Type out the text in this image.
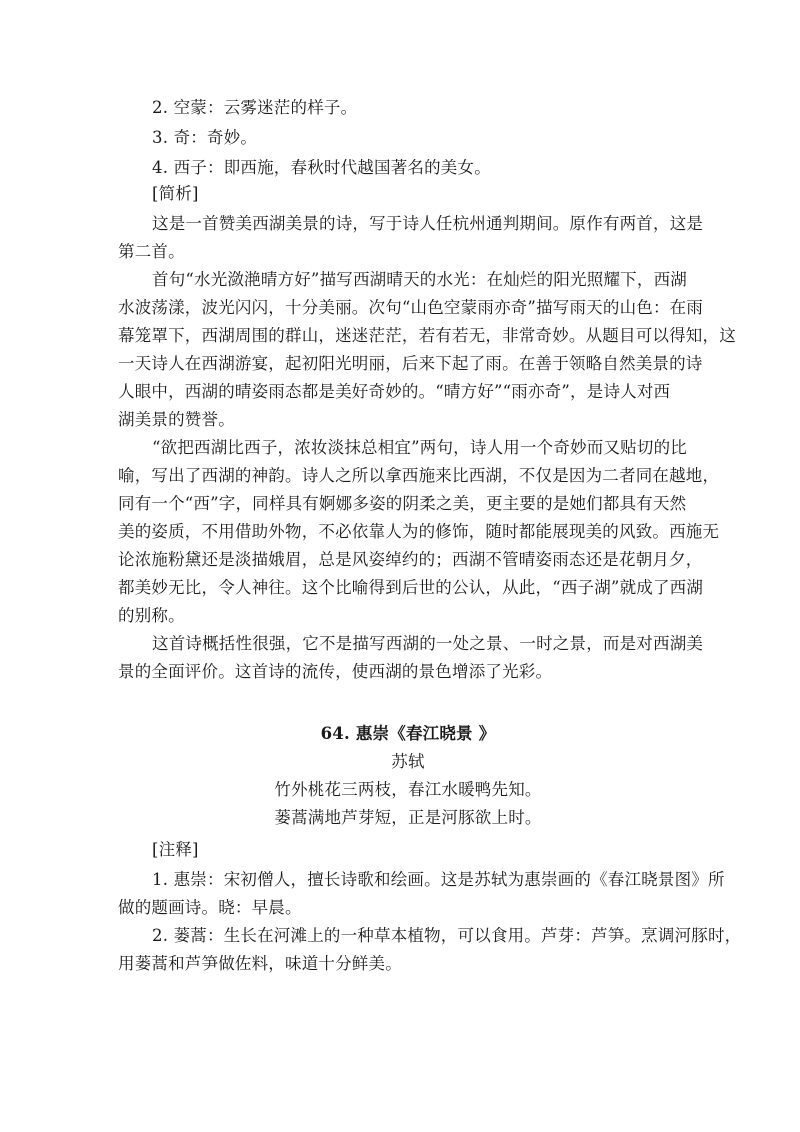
2. 空蒙：云雾迷茫的样子。
3. 奇：奇妙。
4. 西子：即西施，春秋时代越国著名的美女。
[简析]
这是一首赞美西湖美景的诗，写于诗人任杭州通判期间。原作有两首，这是
第二首。
首句“水光潋滟晴方好”描写西湖晴天的水光：在灿烂的阳光照耀下，西湖
水波荡漾，波光闪闪，十分美丽。次句“山色空蒙雨亦奇”描写雨天的山色：在雨
幕笼罩下，西湖周围的群山，迷迷茫茫，若有若无，非常奇妙。从题目可以得知，这
一天诗人在西湖游宴，起初阳光明丽，后来下起了雨。在善于领略自然美景的诗
人眼中，西湖的晴姿雨态都是美好奇妙的。“晴方好”“雨亦奇”，是诗人对西
湖美景的赞誉。
“欲把西湖比西子，浓妆淡抹总相宜”两句，诗人用一个奇妙而又贴切的比
喻，写出了西湖的神韵。诗人之所以拿西施来比西湖，不仅是因为二者同在越地，
同有一个“西”字，同样具有婀娜多姿的阴柔之美，更主要的是她们都具有天然
美的姿质，不用借助外物，不必依靠人为的修饰，随时都能展现美的风致。西施无
论浓施粉黛还是淡描娥眉，总是风姿绰约的；西湖不管晴姿雨态还是花朝月夕，
都美妙无比，令人神往。这个比喻得到后世的公认，从此，“西子湖”就成了西湖
的别称。
这首诗概括性很强，它不是描写西湖的一处之景、一时之景，而是对西湖美
景的全面评价。这首诗的流传，使西湖的景色增添了光彩。
64. 惠崇《春江晓景 》
苏轼
竹外桃花三两枝，春江水暖鸭先知。
蒌蒿满地芦芽短，正是河豚欲上时。
[注释]
1. 惠崇：宋初僧人，擅长诗歌和绘画。这是苏轼为惠崇画的《春江晓景图》所
做的题画诗。晓：早晨。
2. 蒌蒿：生长在河滩上的一种草本植物，可以食用。芦芽：芦笋。烹调河豚时，
用蒌蒿和芦笋做佐料，味道十分鲜美。
